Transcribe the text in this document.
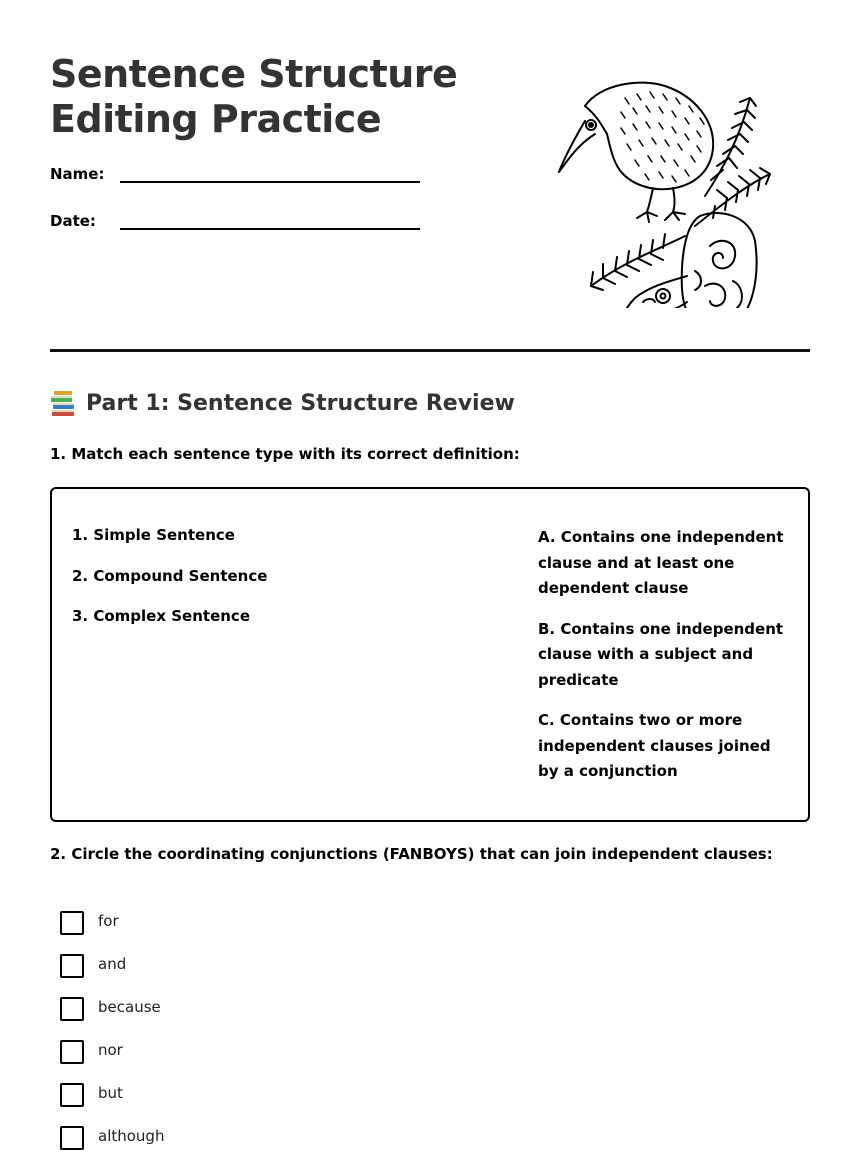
Sentence Structure
Editing Practice
Name:
Date:
Part 1: Sentence Structure Review

1. Match each sentence type with its correct definition:

1. Simple Sentence
2. Compound Sentence
3. Complex Sentence
A. Contains one independent clause and at least one dependent clause
B. Contains one independent clause with a subject and predicate
C. Contains two or more independent clauses joined by a conjunction

2. Circle the coordinating conjunctions (FANBOYS) that can join independent clauses:

for
and
because
nor
but
although
